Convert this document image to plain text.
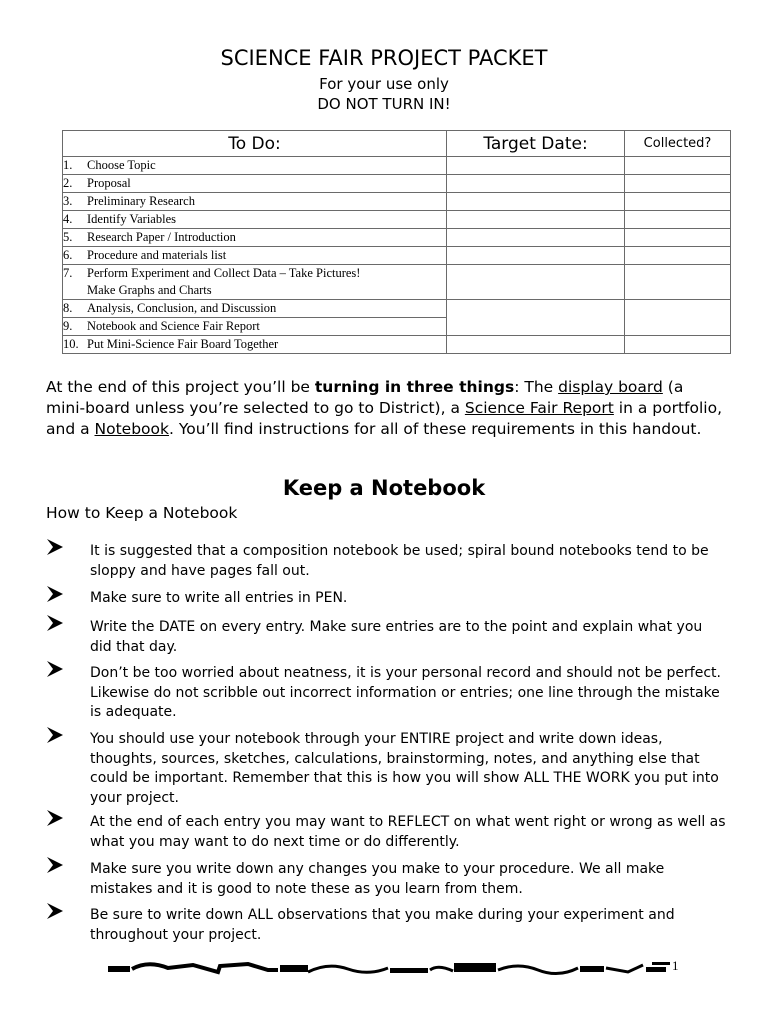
SCIENCE FAIR PROJECT PACKET
For your use only
DO NOT TURN IN!
To Do:	Target Date:	Collected?
1. Choose Topic		
2. Proposal		
3. Preliminary Research		
4. Identify Variables		
5. Research Paper / Introduction		
6. Procedure and materials list		
7. Perform Experiment and Collect Data – Take Pictures!
Make Graphs and Charts		
8. Analysis, Conclusion, and Discussion		
9. Notebook and Science Fair Report		
10. Put Mini-Science Fair Board Together		
At the end of this project you’ll be turning in three things: The display board (a mini-board unless you’re selected to go to District), a Science Fair Report in a portfolio, and a Notebook. You’ll find instructions for all of these requirements in this handout.
Keep a Notebook
How to Keep a Notebook
It is suggested that a composition notebook be used; spiral bound notebooks tend to be sloppy and have pages fall out.
Make sure to write all entries in PEN.
Write the DATE on every entry. Make sure entries are to the point and explain what you did that day.
Don’t be too worried about neatness, it is your personal record and should not be perfect. Likewise do not scribble out incorrect information or entries; one line through the mistake is adequate.
You should use your notebook through your ENTIRE project and write down ideas, thoughts, sources, sketches, calculations, brainstorming, notes, and anything else that could be important. Remember that this is how you will show ALL THE WORK you put into your project.
At the end of each entry you may want to REFLECT on what went right or wrong as well as what you may want to do next time or do differently.
Make sure you write down any changes you make to your procedure. We all make mistakes and it is good to note these as you learn from them.
Be sure to write down ALL observations that you make during your experiment and throughout your project.
1
